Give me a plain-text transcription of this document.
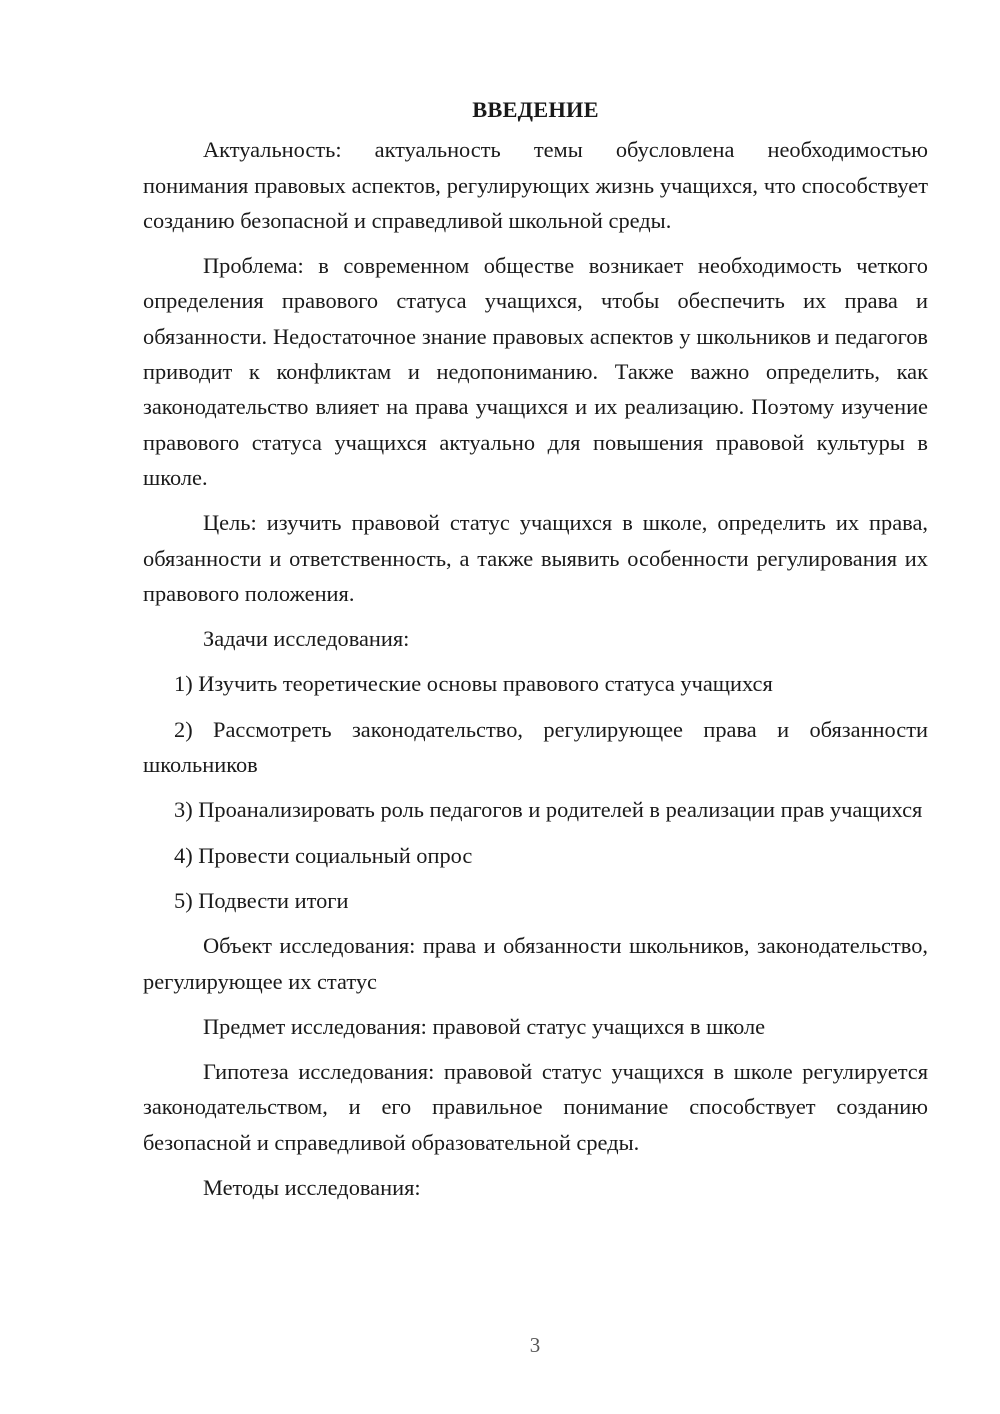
ВВЕДЕНИЕ

Актуальность: актуальность темы обусловлена необходимостью понимания правовых аспектов, регулирующих жизнь учащихся, что способствует созданию безопасной и справедливой школьной среды.

Проблема: в современном обществе возникает необходимость четкого определения правового статуса учащихся, чтобы обеспечить их права и обязанности. Недостаточное знание правовых аспектов у школьников и педагогов приводит к конфликтам и недопониманию. Также важно определить, как законодательство влияет на права учащихся и их реализацию. Поэтому изучение правового статуса учащихся актуально для повышения правовой культуры в школе.

Цель: изучить правовой статус учащихся в школе, определить их права, обязанности и ответственность, а также выявить особенности регулирования их правового положения.

Задачи исследования:

1) Изучить теоретические основы правового статуса учащихся

2) Рассмотреть законодательство, регулирующее права и обязанности школьников

3) Проанализировать роль педагогов и родителей в реализации прав учащихся

4) Провести социальный опрос

5) Подвести итоги

Объект исследования: права и обязанности школьников, законодательство, регулирующее их статус

Предмет исследования: правовой статус учащихся в школе

Гипотеза исследования: правовой статус учащихся в школе регулируется законодательством, и его правильное понимание способствует созданию безопасной и справедливой образовательной среды.

Методы исследования:

3
